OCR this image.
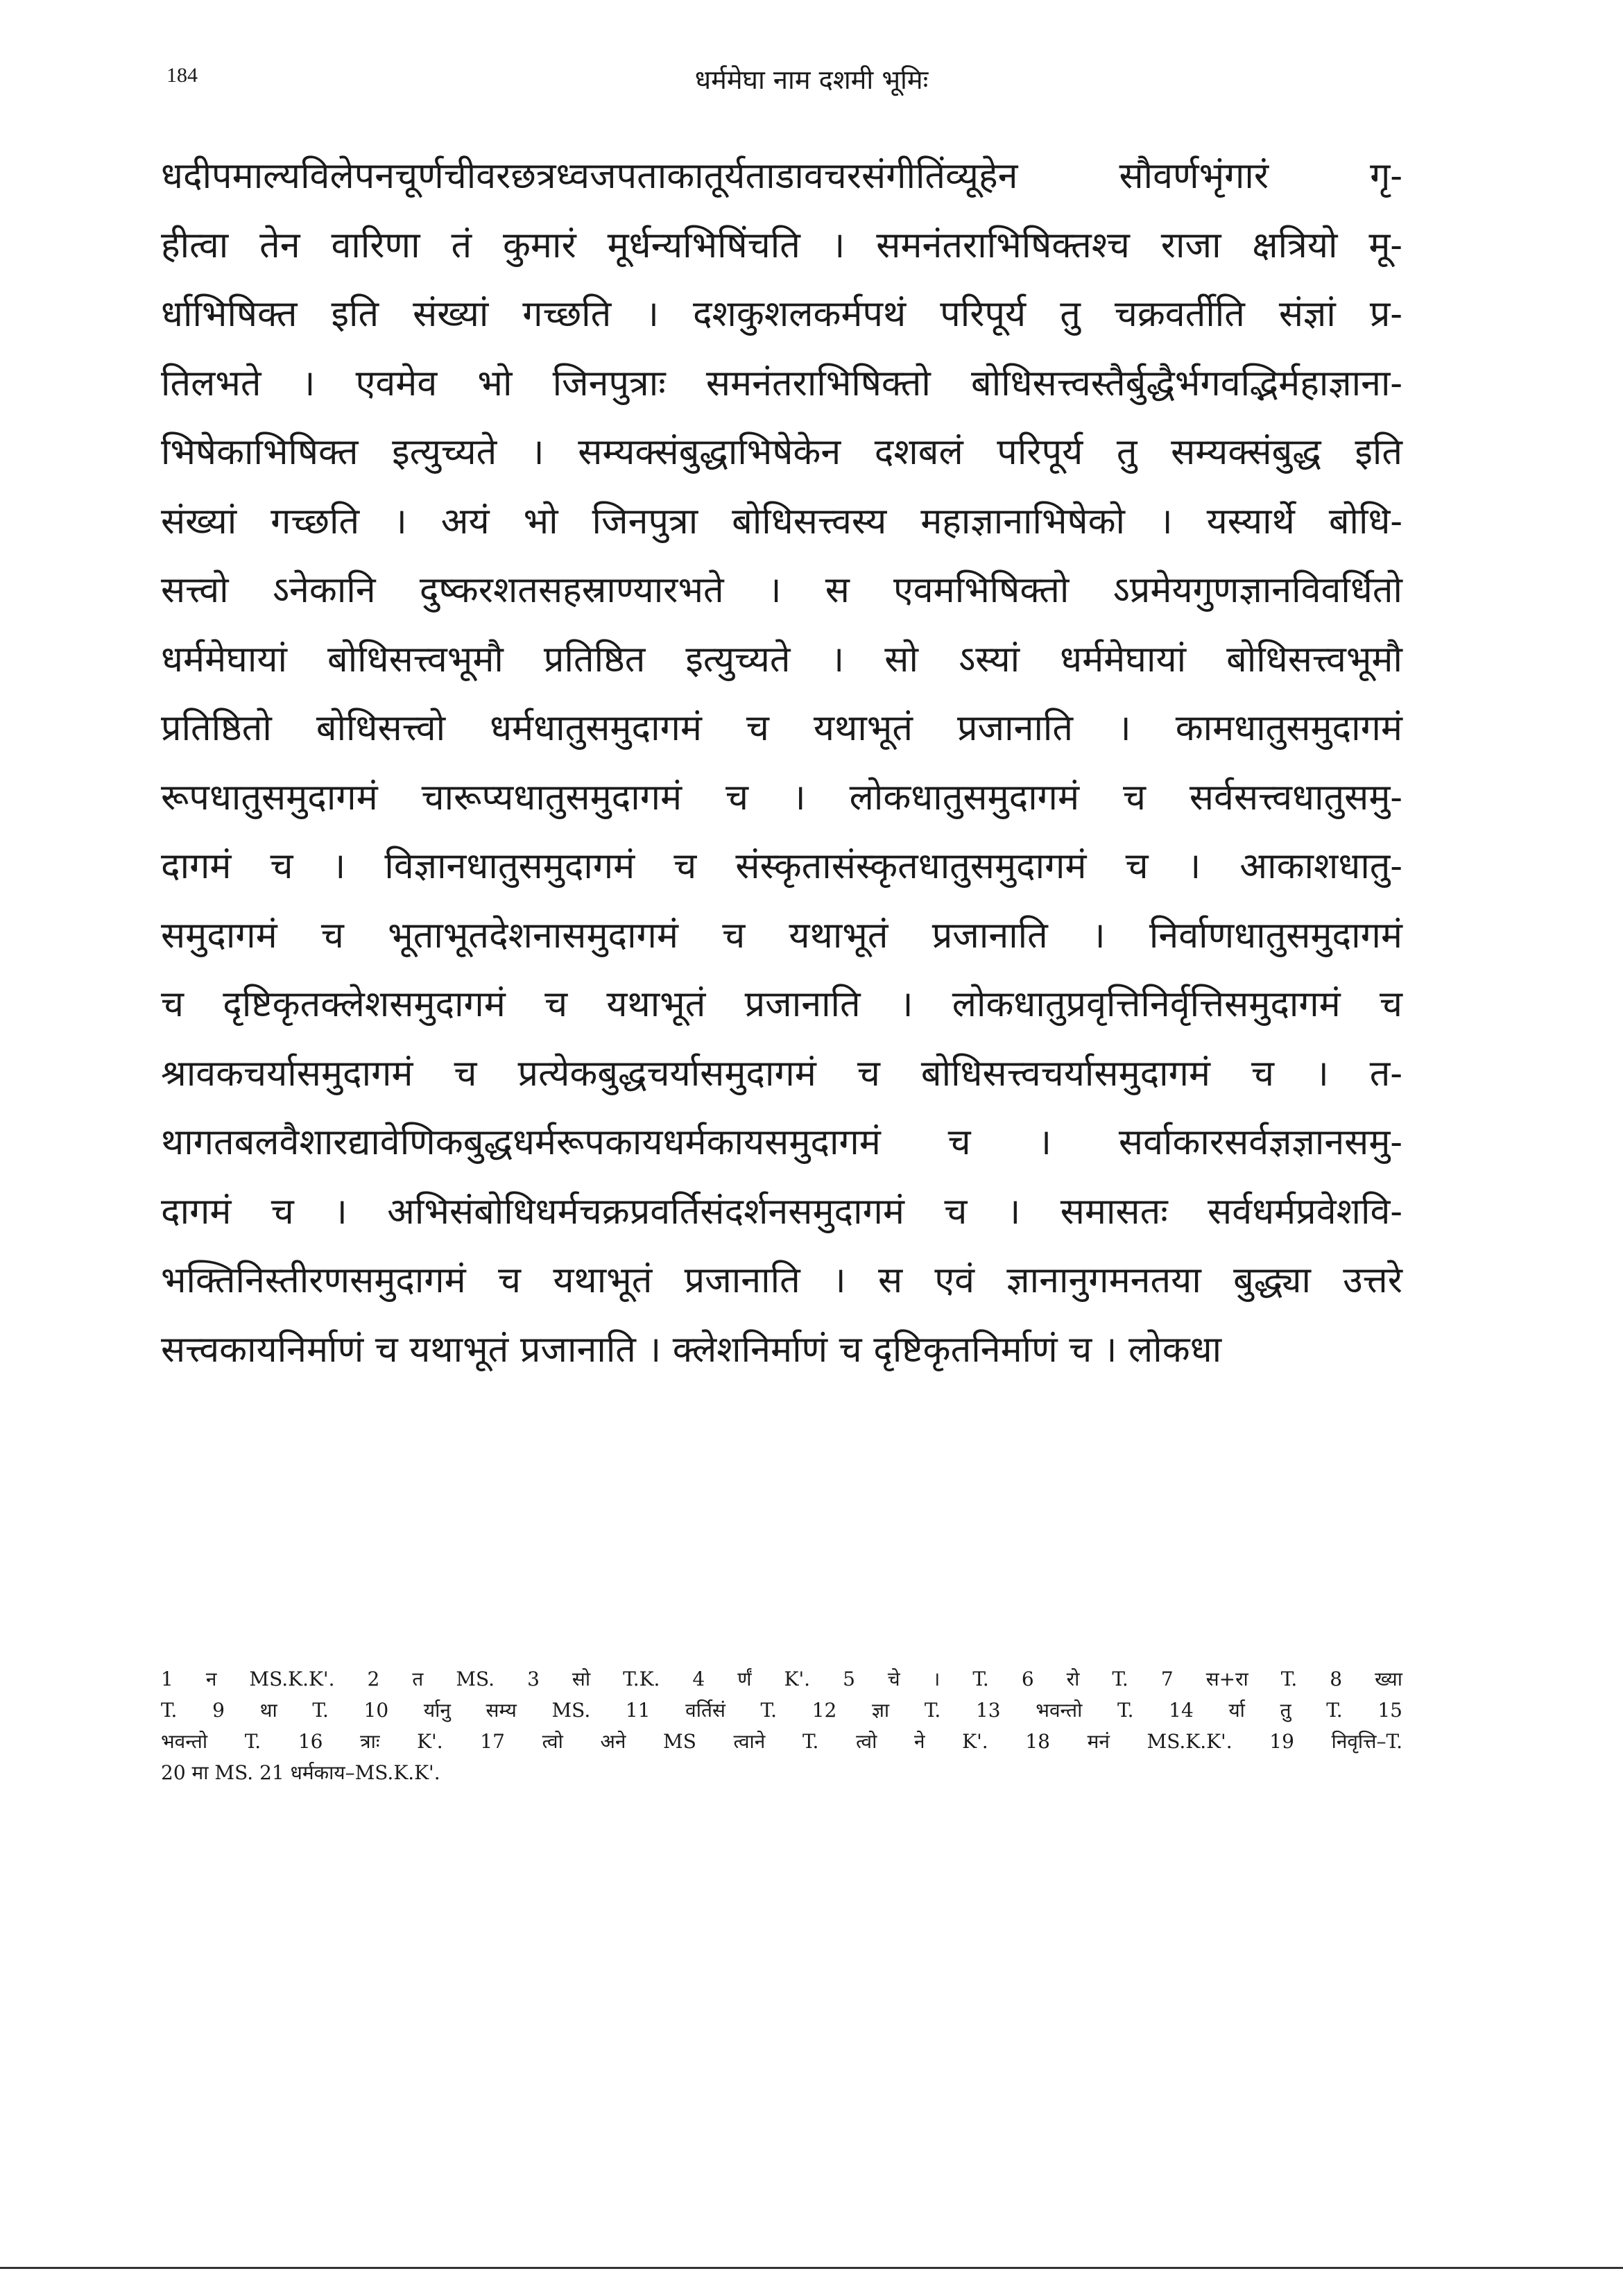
184	धर्ममेघा नाम दशमी भूमिः
धदीपमाल्यविलेपनचूर्णचीवरछत्रध्वजपताकातूर्यताडावचरसंगीतिंव्यूहेन सौवर्णभृंगारं गृ-
हीत्वा तेन वारिणा तं कुमारं मूर्धन्यभिषिंचति । समनंतराभिषिक्तश्च राजा क्षत्रियो मू-
र्धाभिषिक्त इति संख्यां गच्छति । दशकुशलकर्मपथं परिपूर्य तु चक्रवर्तीति संज्ञां प्र-
तिलभते । एवमेव भो जिनपुत्राः समनंतराभिषिक्तो बोधिसत्त्वस्तैर्बुद्धैर्भगवद्भिर्महाज्ञाना-
भिषेकाभिषिक्त इत्युच्यते । सम्यक्संबुद्धाभिषेकेन दशबलं परिपूर्य तु सम्यक्संबुद्ध इति
संख्यां गच्छति । अयं भो जिनपुत्रा बोधिसत्त्वस्य महाज्ञानाभिषेको । यस्यार्थे बोधि-
सत्त्वो ऽनेकानि दुष्करशतसहस्राण्यारभते । स एवमभिषिक्तो ऽप्रमेयगुणज्ञानविवर्धितो
धर्ममेघायां बोधिसत्त्वभूमौ प्रतिष्ठित इत्युच्यते । सो ऽस्यां धर्ममेघायां बोधिसत्त्वभूमौ
प्रतिष्ठितो बोधिसत्त्वो धर्मधातुसमुदागमं च यथाभूतं प्रजानाति । कामधातुसमुदागमं
रूपधातुसमुदागमं चारूप्यधातुसमुदागमं च । लोकधातुसमुदागमं च सर्वसत्त्वधातुसमु-
दागमं च । विज्ञानधातुसमुदागमं च संस्कृतासंस्कृतधातुसमुदागमं च । आकाशधातु-
समुदागमं च भूताभूतदेशनासमुदागमं च यथाभूतं प्रजानाति । निर्वाणधातुसमुदागमं
च दृष्टिकृतक्लेशसमुदागमं च यथाभूतं प्रजानाति । लोकधातुप्रवृत्तिनिर्वृत्तिसमुदागमं च
श्रावकचर्यासमुदागमं च प्रत्येकबुद्धचर्यासमुदागमं च बोधिसत्त्वचर्यासमुदागमं च । त-
थागतबलवैशारद्यावेणिकबुद्धधर्मरूपकायधर्मकायसमुदागमं च । सर्वाकारसर्वज्ञज्ञानसमु-
दागमं च । अभिसंबोधिधर्मचक्रप्रवर्तिसंदर्शनसमुदागमं च । समासतः सर्वधर्मप्रवेशवि-
भक्तिनिस्तीरणसमुदागमं च यथाभूतं प्रजानाति । स एवं ज्ञानानुगमनतया बुद्ध्या उत्तरे
सत्त्वकायनिर्माणं च यथाभूतं प्रजानाति । क्लेशनिर्माणं च दृष्टिकृतनिर्माणं च । लोकधा
1 न MS.K.K'. 2 त MS. 3 सो T.K. 4 र्णं K'. 5 चे । T. 6 रो T. 7 स+रा T. 8 ख्या
T. 9 था T. 10 र्यानु सम्य MS. 11 वर्तिसं T. 12 ज्ञा T. 13 भवन्तो T. 14 र्या तु T. 15
भवन्तो T. 16 त्राः K'. 17 त्वो अने MS त्वाने T. त्वो ने K'. 18 मनं MS.K.K'. 19 निवृत्ति–T.
20 मा MS. 21 धर्मकाय–MS.K.K'.
